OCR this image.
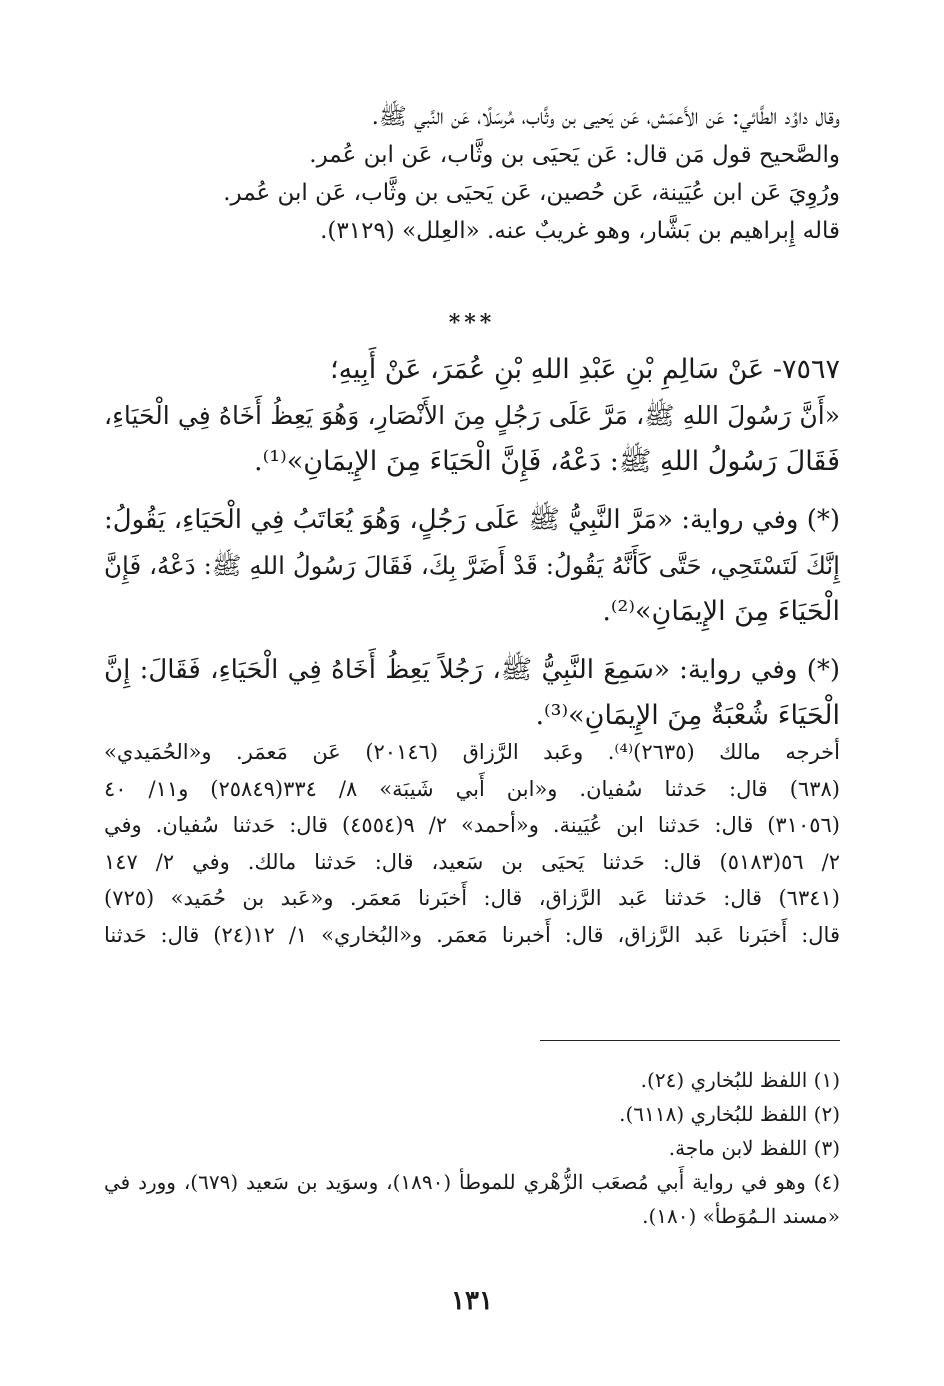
وقال داوُد الطَّائي: عَن الأَعمَش، عَن يَحيى بن وثَّاب، مُرسَلًا، عَن النَّبي ﷺ.
والصَّحيح قول مَن قال: عَن يَحيَى بن وثَّاب، عَن ابن عُمر.
ورُوِيَ عَن ابن عُيَينة، عَن حُصين، عَن يَحيَى بن وثَّاب، عَن ابن عُمر.
قاله إِبراهيم بن بَشَّار، وهو غريبٌ عنه. «العِلل» (٣١٢٩).
***
٧٥٦٧- عَنْ سَالِمِ بْنِ عَبْدِ اللهِ بْنِ عُمَرَ، عَنْ أَبِيهِ؛
«أَنَّ رَسُولَ اللهِ ﷺ، مَرَّ عَلَى رَجُلٍ مِنَ الأَنْصَارِ، وَهُوَ يَعِظُ أَخَاهُ فِي الْحَيَاءِ،
فَقَالَ رَسُولُ اللهِ ﷺ: دَعْهُ، فَإِنَّ الْحَيَاءَ مِنَ الإِيمَانِ»⁽¹⁾.
(*) وفي رواية: «مَرَّ النَّبِيُّ ﷺ عَلَى رَجُلٍ، وَهُوَ يُعَاتَبُ فِي الْحَيَاءِ، يَقُولُ:
إِنَّكَ لَتَسْتَحِي، حَتَّى كَأَنَّهُ يَقُولُ: قَدْ أَضَرَّ بِكَ، فَقَالَ رَسُولُ اللهِ ﷺ: دَعْهُ، فَإِنَّ
الْحَيَاءَ مِنَ الإِيمَانِ»⁽²⁾.
(*) وفي رواية: «سَمِعَ النَّبِيُّ ﷺ، رَجُلاً يَعِظُ أَخَاهُ فِي الْحَيَاءِ، فَقَالَ: إِنَّ
الْحَيَاءَ شُعْبَةٌ مِنَ الإِيمَانِ»⁽³⁾.
أخرجه مالك (٢٦٣٥)⁽⁴⁾. وعَبد الرَّزاق (٢٠١٤٦) عَن مَعمَر. و«الحُمَيدي»
(٦٣٨) قال: حَدثنا سُفيان. و«ابن أَبي شَيبَة» ٨/ ٣٣٤(٢٥٨٤٩) و١١/ ٤٠
(٣١٠٥٦) قال: حَدثنا ابن عُيَينة. و«أحمد» ٢/ ٩(٤٥٥٤) قال: حَدثنا سُفيان. وفي
٢/ ٥٦(٥١٨٣) قال: حَدثنا يَحيَى بن سَعيد، قال: حَدثنا مالك. وفي ٢/ ١٤٧
(٦٣٤١) قال: حَدثنا عَبد الرَّزاق، قال: أَخبَرنا مَعمَر. و«عَبد بن حُمَيد» (٧٢٥)
قال: أَخبَرنا عَبد الرَّزاق، قال: أَخبرنا مَعمَر. و«البُخاري» ١/ ١٢(٢٤) قال: حَدثنا
(١) اللفظ للبُخاري (٢٤).
(٢) اللفظ للبُخاري (٦١١٨).
(٣) اللفظ لابن ماجة.
(٤) وهو في رواية أَبي مُصعَب الزُّهْري للموطأ (١٨٩٠)، وسوَيد بن سَعيد (٦٧٩)، وورد في
«مسند الـمُوَطأ» (١٨٠).
١٣١
